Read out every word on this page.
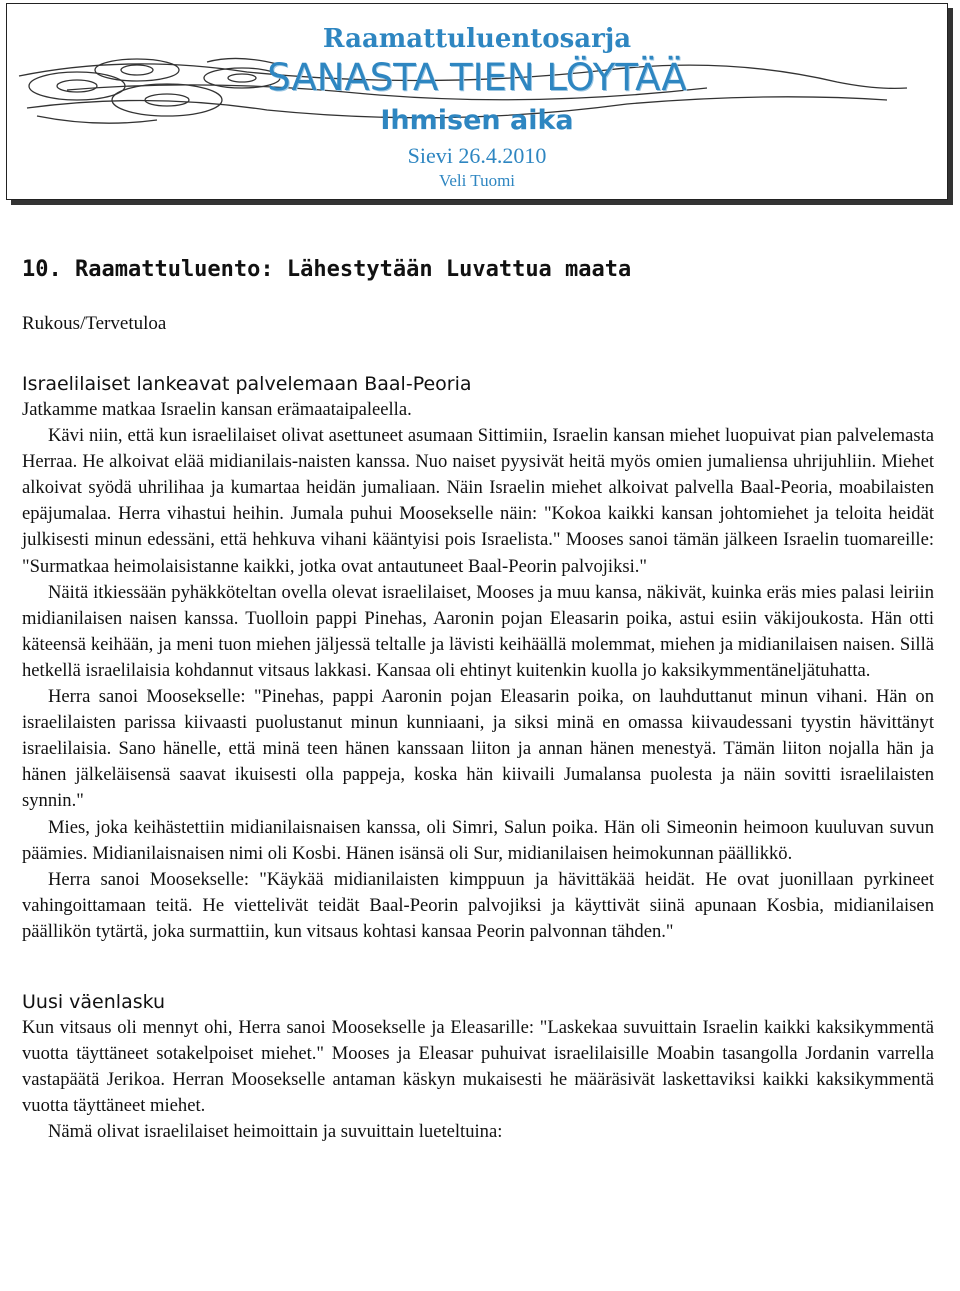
Raamattuluentosarja
SANASTA TIEN LÖYTÄÄ
Ihmisen aika
Sievi 26.4.2010
Veli Tuomi
10. Raamattuluento: Lähestytään Luvattua maata
Rukous/Tervetuloa
Israelilaiset lankeavat palvelemaan Baal-Peoria

Jatkamme matkaa Israelin kansan erämaataipaleella.

Kävi niin, että kun israelilaiset olivat asettuneet asumaan Sittimiin, Israelin kansan miehet luopuivat pian palvelemasta Herraa. He alkoivat elää midianilais-naisten kanssa. Nuo naiset pyysivät heitä myös omien jumaliensa uhrijuhliin. Miehet alkoivat syödä uhrilihaa ja kumartaa heidän jumaliaan. Näin Israelin miehet alkoivat palvella Baal-Peoria, moabilaisten epäjumalaa. Herra vihastui heihin. Jumala puhui Moosekselle näin: "Kokoa kaikki kansan johtomiehet ja teloita heidät julkisesti minun edessäni, että hehkuva vihani kääntyisi pois Israelista." Mooses sanoi tämän jälkeen Israelin tuomareille: "Surmatkaa heimolaisistanne kaikki, jotka ovat antautuneet Baal-Peorin palvojiksi."

Näitä itkiessään pyhäkköteltan ovella olevat israelilaiset, Mooses ja muu kansa, näkivät, kuinka eräs mies palasi leiriin midianilaisen naisen kanssa. Tuolloin pappi Pinehas, Aaronin pojan Eleasarin poika, astui esiin väkijoukosta. Hän otti käteensä keihään, ja meni tuon miehen jäljessä teltalle ja lävisti keihäällä molemmat, miehen ja midianilaisen naisen. Sillä hetkellä israelilaisia kohdannut vitsaus lakkasi. Kansaa oli ehtinyt kuitenkin kuolla jo kaksikymmentäneljätuhatta.

Herra sanoi Moosekselle: "Pinehas, pappi Aaronin pojan Eleasarin poika, on lauhduttanut minun vihani. Hän on israelilaisten parissa kiivaasti puolustanut minun kunniaani, ja siksi minä en omassa kiivaudessani tyystin hävittänyt israelilaisia. Sano hänelle, että minä teen hänen kanssaan liiton ja annan hänen menestyä. Tämän liiton nojalla hän ja hänen jälkeläisensä saavat ikuisesti olla pappeja, koska hän kiivaili Jumalansa puolesta ja näin sovitti israelilaisten synnin."

Mies, joka keihästettiin midianilaisnaisen kanssa, oli Simri, Salun poika. Hän oli Simeonin heimoon kuuluvan suvun päämies. Midianilaisnaisen nimi oli Kosbi. Hänen isänsä oli Sur, midianilaisen heimokunnan päällikkö.

Herra sanoi Moosekselle: "Käykää midianilaisten kimppuun ja hävittäkää heidät. He ovat juonillaan pyrkineet vahingoittamaan teitä. He viettelivät teidät Baal-Peorin palvojiksi ja käyttivät siinä apunaan Kosbia, midianilaisen päällikön tytärtä, joka surmattiin, kun vitsaus kohtasi kansaa Peorin palvonnan tähden."

Uusi väenlasku

Kun vitsaus oli mennyt ohi, Herra sanoi Moosekselle ja Eleasarille: "Laskekaa suvuittain Israelin kaikki kaksikymmentä vuotta täyttäneet sotakelpoiset miehet." Mooses ja Eleasar puhuivat israelilaisille Moabin tasangolla Jordanin varrella vastapäätä Jerikoa. Herran Moosekselle antaman käskyn mukaisesti he määräsivät laskettaviksi kaikki kaksikymmentä vuotta täyttäneet miehet.

Nämä olivat israelilaiset heimoittain ja suvuittain lueteltuina:
